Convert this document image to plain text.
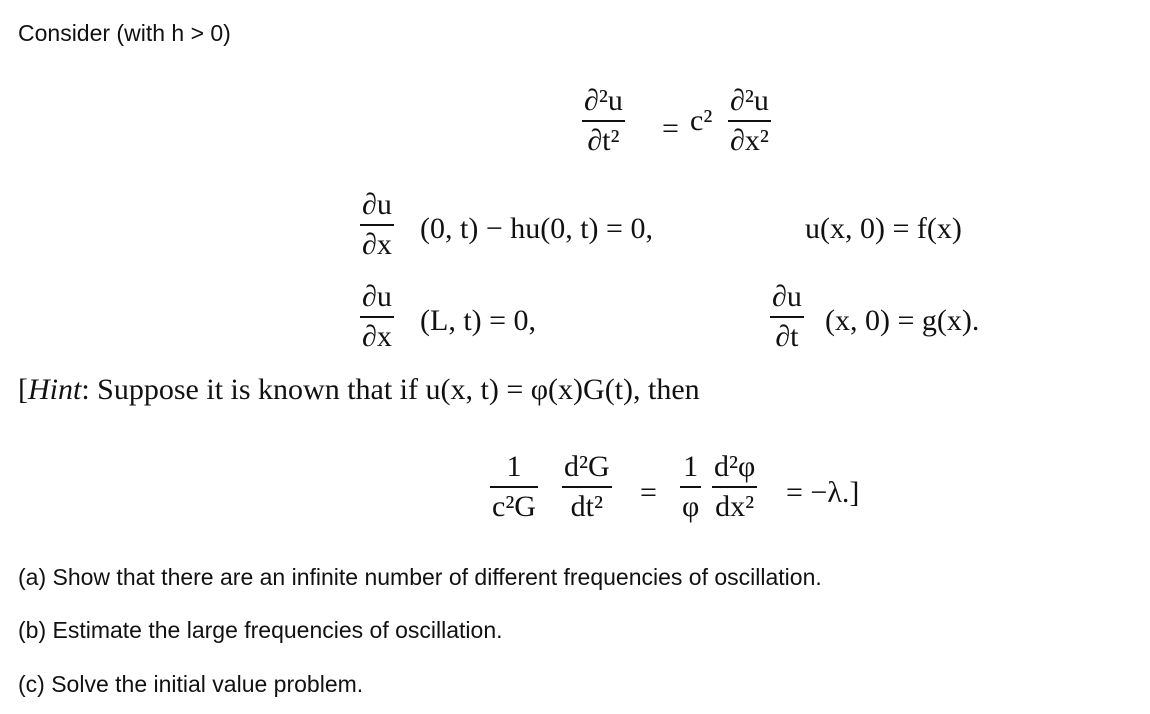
Consider (with h > 0)
∂²u
∂t² = c²
∂²u
∂x²
∂u
∂x (0, t) − hu(0, t) = 0,	u(x, 0) = f(x)
∂u
∂x (L, t) = 0,
∂u
∂t (x, 0) = g(x).
[Hint: Suppose it is known that if u(x, t) = φ(x)G(t), then
1
c²G
d²G
dt² =
1
φ
d²φ
dx² = −λ.]
(a) Show that there are an infinite number of different frequencies of oscillation.
(b) Estimate the large frequencies of oscillation.
(c) Solve the initial value problem.
